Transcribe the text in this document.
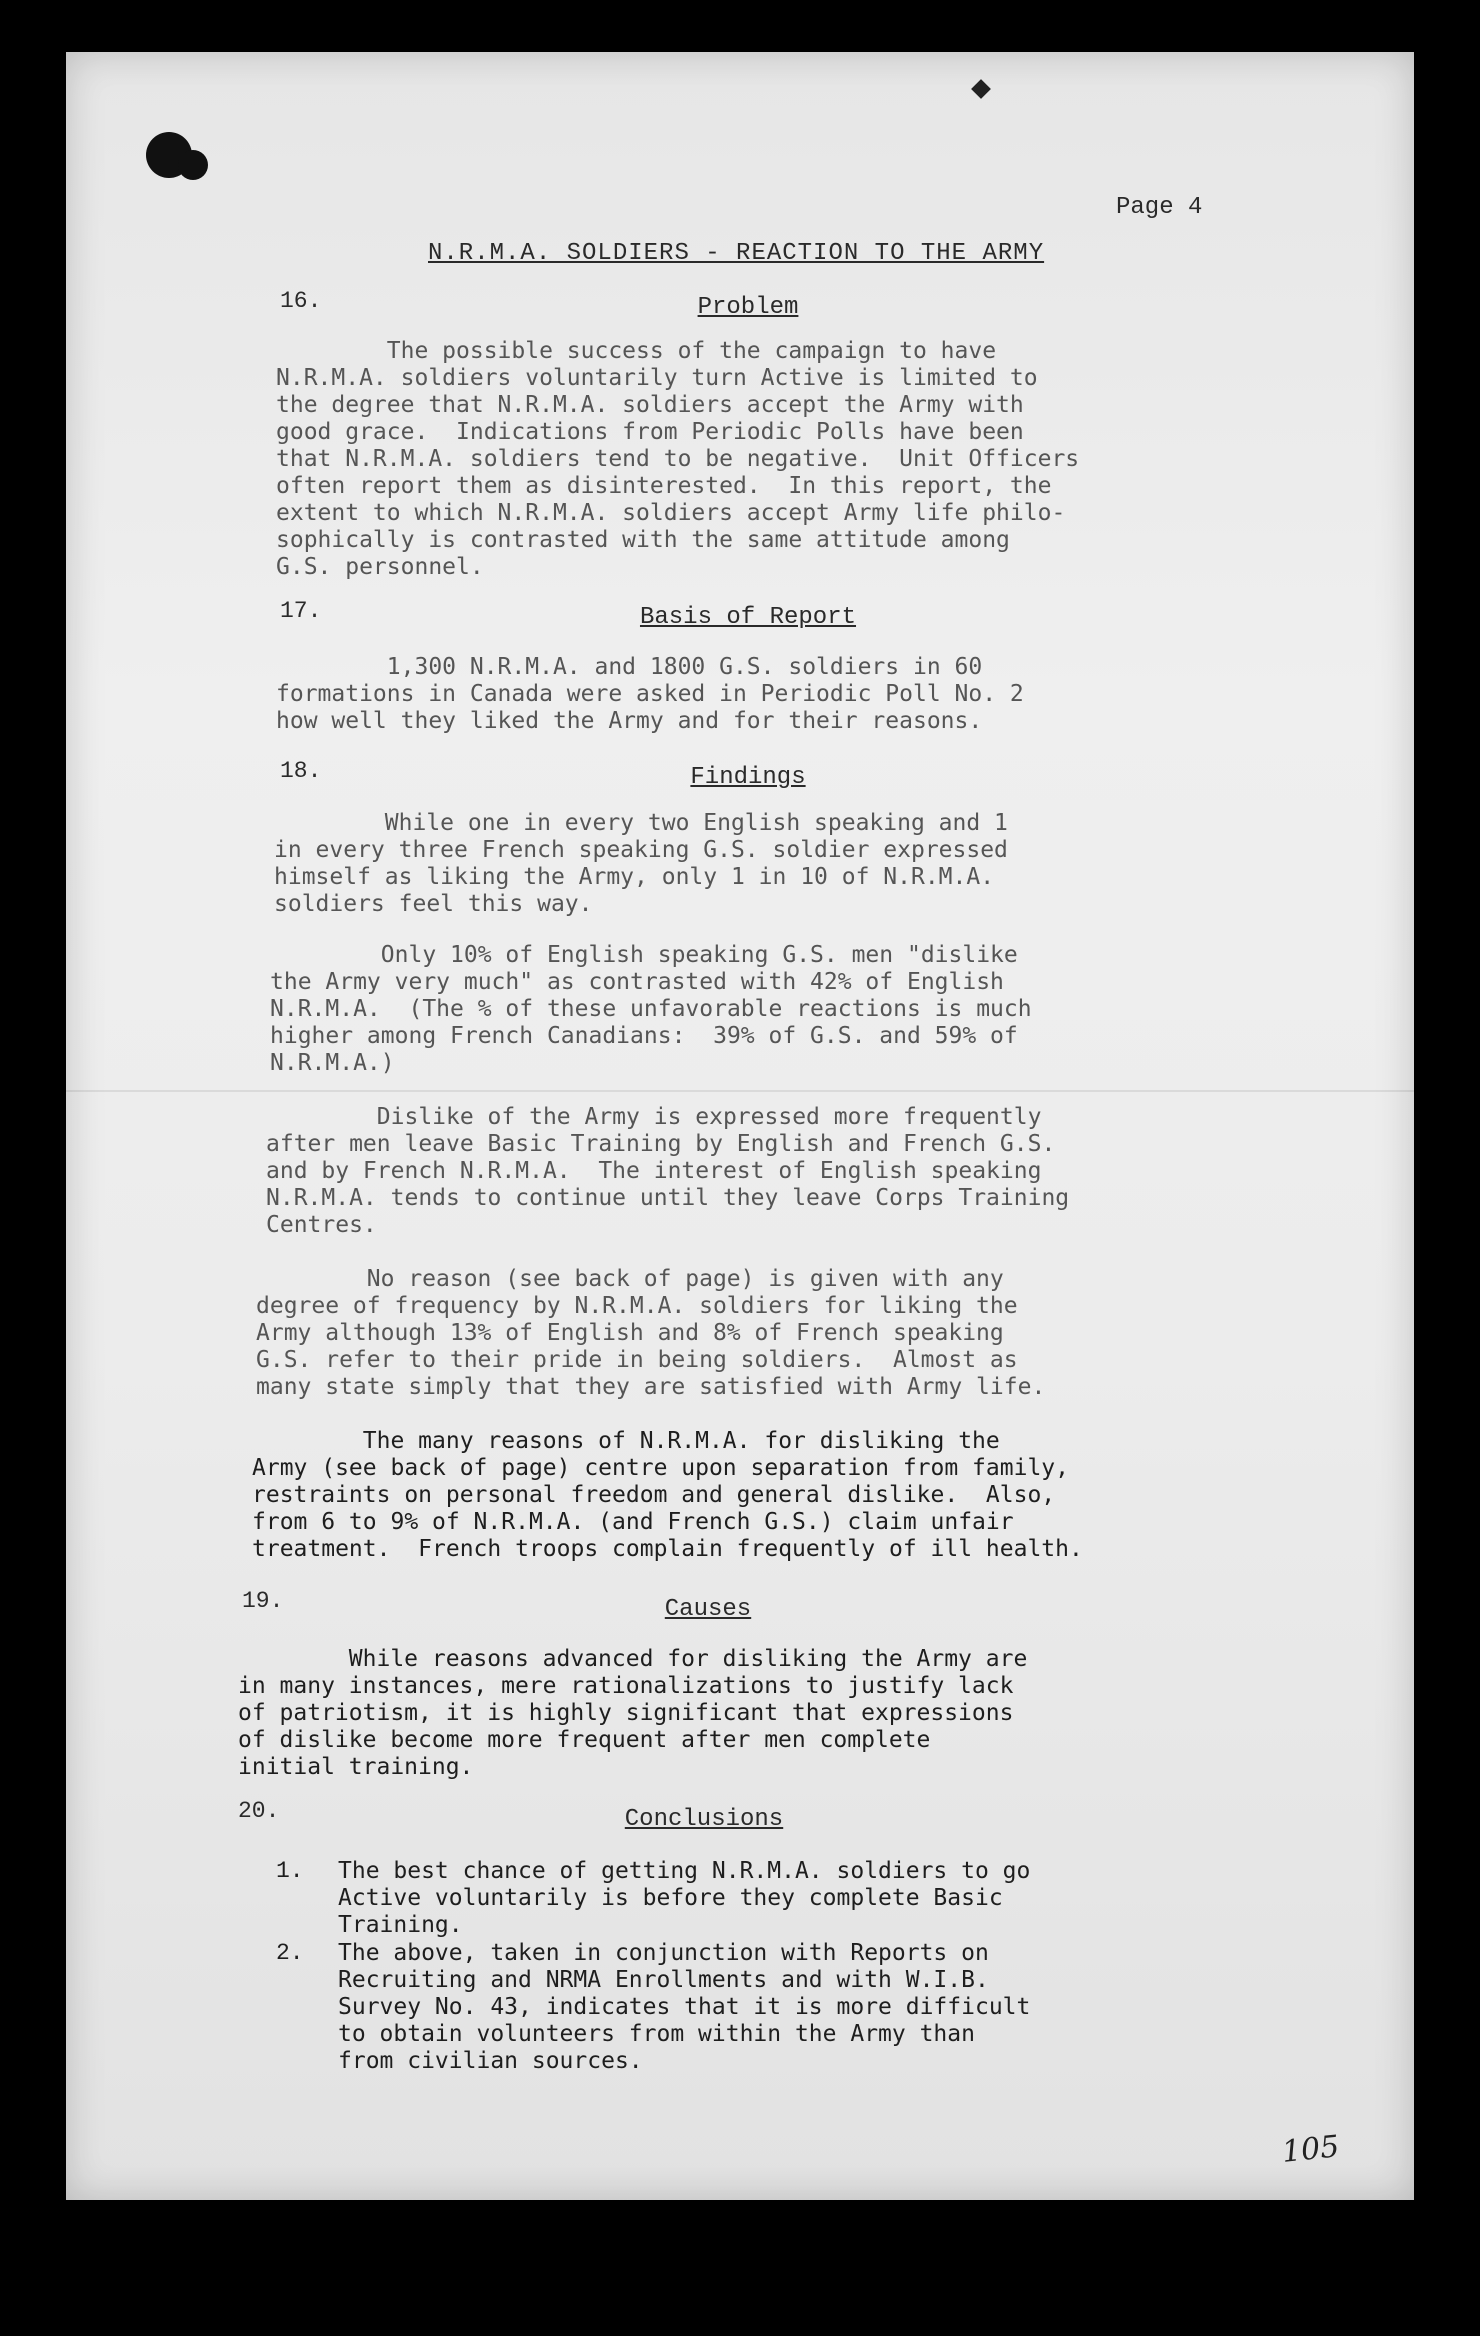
Page 4
N.R.M.A. SOLDIERS - REACTION TO THE ARMY
16.	Problem
The possible success of the campaign to have
N.R.M.A. soldiers voluntarily turn Active is limited to
the degree that N.R.M.A. soldiers accept the Army with
good grace.  Indications from Periodic Polls have been
that N.R.M.A. soldiers tend to be negative.  Unit Officers
often report them as disinterested.  In this report, the
extent to which N.R.M.A. soldiers accept Army life philo-
sophically is contrasted with the same attitude among
G.S. personnel.
17.	Basis of Report
1,300 N.R.M.A. and 1800 G.S. soldiers in 60
formations in Canada were asked in Periodic Poll No. 2
how well they liked the Army and for their reasons.
18.	Findings
While one in every two English speaking and 1
in every three French speaking G.S. soldier expressed
himself as liking the Army, only 1 in 10 of N.R.M.A.
soldiers feel this way.
Only 10% of English speaking G.S. men "dislike
the Army very much" as contrasted with 42% of English
N.R.M.A.  (The % of these unfavorable reactions is much
higher among French Canadians:  39% of G.S. and 59% of
N.R.M.A.)
Dislike of the Army is expressed more frequently
after men leave Basic Training by English and French G.S.
and by French N.R.M.A.  The interest of English speaking
N.R.M.A. tends to continue until they leave Corps Training
Centres.
No reason (see back of page) is given with any
degree of frequency by N.R.M.A. soldiers for liking the
Army although 13% of English and 8% of French speaking
G.S. refer to their pride in being soldiers.  Almost as
many state simply that they are satisfied with Army life.
The many reasons of N.R.M.A. for disliking the
Army (see back of page) centre upon separation from family,
restraints on personal freedom and general dislike.  Also,
from 6 to 9% of N.R.M.A. (and French G.S.) claim unfair
treatment.  French troops complain frequently of ill health.
19.	Causes
While reasons advanced for disliking the Army are
in many instances, mere rationalizations to justify lack
of patriotism, it is highly significant that expressions
of dislike become more frequent after men complete
initial training.
20.	Conclusions
1. The best chance of getting N.R.M.A. soldiers to go
Active voluntarily is before they complete Basic
Training.
2. The above, taken in conjunction with Reports on
Recruiting and NRMA Enrollments and with W.I.B.
Survey No. 43, indicates that it is more difficult
to obtain volunteers from within the Army than
from civilian sources.
105
